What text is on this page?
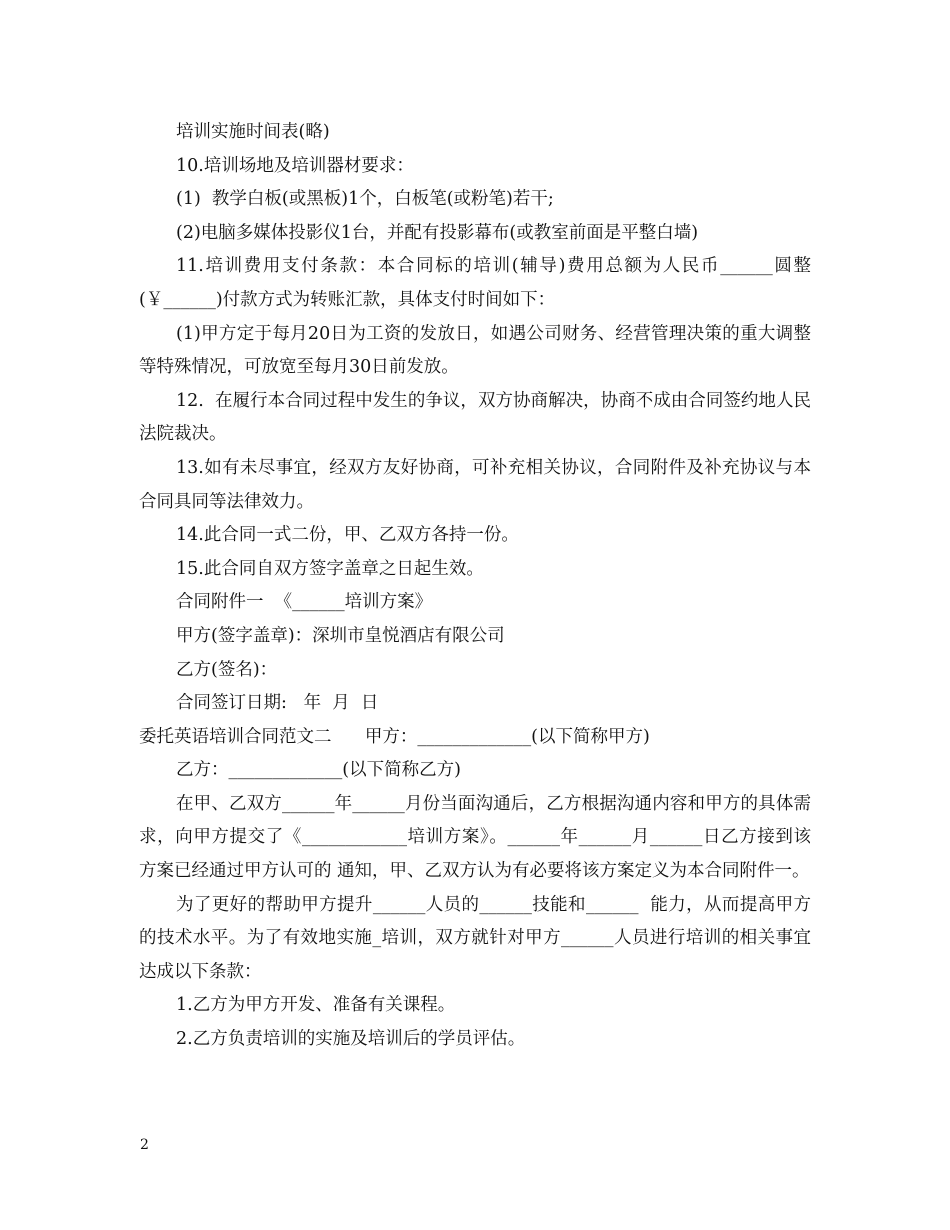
培训实施时间表(略)

10.培训场地及培训器材要求：

(1)  教学白板(或黑板)1个，白板笔(或粉笔)若干;

(2)电脑多媒体投影仪1台，并配有投影幕布(或教室前面是平整白墙)

11.培训费用支付条款：本合同标的培训(辅导)费用总额为人民币______圆整(￥______)付款方式为转账汇款，具体支付时间如下：

(1)甲方定于每月20日为工资的发放日，如遇公司财务、经营管理决策的重大调整等特殊情况，可放宽至每月30日前发放。

12.  在履行本合同过程中发生的争议，双方协商解决，协商不成由合同签约地人民法院裁决。

13.如有未尽事宜，经双方友好协商，可补充相关协议，合同附件及补充协议与本合同具同等法律效力。

14.此合同一式二份，甲、乙双方各持一份。

15.此合同自双方签字盖章之日起生效。

合同附件一  《______培训方案》

甲方(签字盖章)：深圳市皇悦酒店有限公司

乙方(签名)：

合同签订日期:   年  月  日

委托英语培训合同范文二      甲方：_____________(以下简称甲方)

乙方：_____________(以下简称乙方)

在甲、乙双方______年______月份当面沟通后，乙方根据沟通内容和甲方的具体需求，向甲方提交了《____________培训方案》。______年______月______日乙方接到该方案已经通过甲方认可的 通知，甲、乙双方认为有必要将该方案定义为本合同附件一。

为了更好的帮助甲方提升______人员的______技能和______  能力，从而提高甲方的技术水平。为了有效地实施_培训，双方就针对甲方______人员进行培训的相关事宜达成以下条款：

1.乙方为甲方开发、准备有关课程。

2.乙方负责培训的实施及培训后的学员评估。

2
